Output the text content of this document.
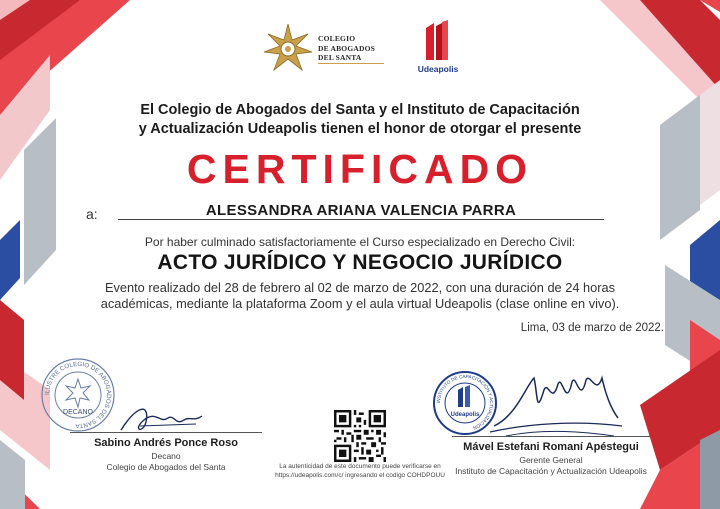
COLEGIO
DE ABOGADOS
DEL SANTA
Udeapolis
El Colegio de Abogados del Santa y el Instituto de Capacitación
y Actualización Udeapolis tienen el honor de otorgar el presente
CERTIFICADO
a:	ALESSANDRA ARIANA VALENCIA PARRA
Por haber culminado satisfactoriamente el Curso especializado en Derecho Civil:
ACTO JURÍDICO Y NEGOCIO JURÍDICO
Evento realizado del 28 de febrero al 02 de marzo de 2022, con una duración de 24 horas
académicas, mediante la plataforma Zoom y el aula virtual Udeapolis (clase online en vivo).
Lima, 03 de marzo de 2022.
ILUSTRE COLEGIO DE ABOGADOS DEL SANTA
DECANO
Sabino Andrés Ponce Roso
Decano
Colegio de Abogados del Santa	La autenticidad de este documento puede verificarse en
https://udeapolis.com/c/ ingresando el codigo COHDPOUU
INSTITUTO DE CAPACITACIÓN Y ACTUALIZACIÓN
Udeapolis
Mável Estefani Romaní Apéstegui
Gerente General
Instituto de Capacitación y Actualización Udeapolis
